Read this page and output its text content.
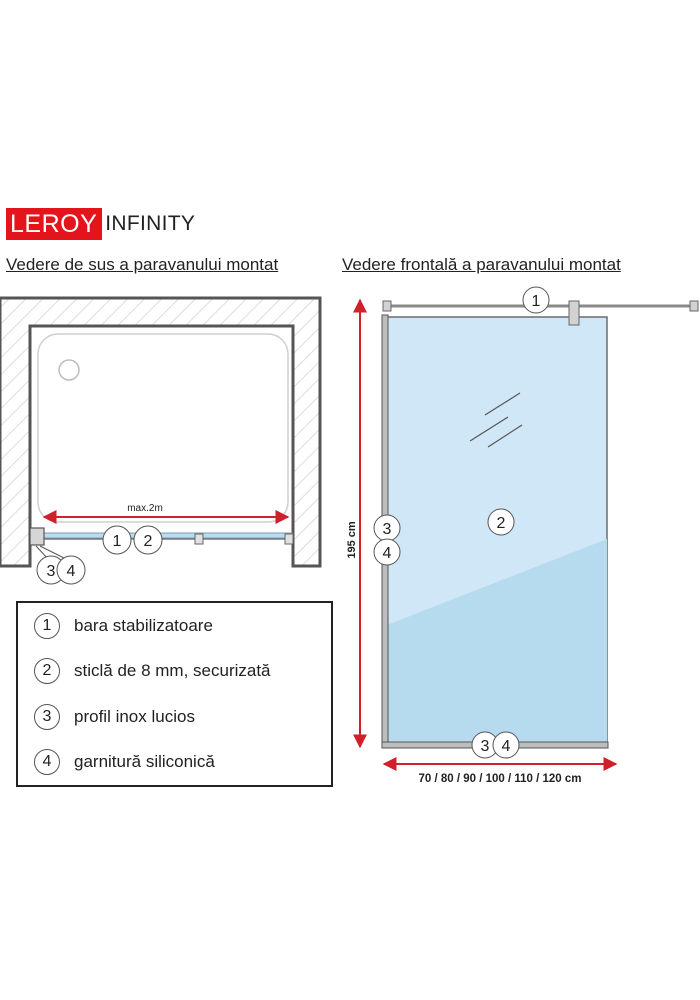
LEROY INFINITY
Vedere de sus a paravanului montat	Vedere frontală a paravanului montat
max.2m
1 2
3 4
195 cm
1
2
3
4
3 4
70 / 80 / 90 / 100 / 110 / 120 cm
1	bara stabilizatoare
2	sticlă de 8 mm, securizată
3	profil inox lucios
4	garnitură siliconică
